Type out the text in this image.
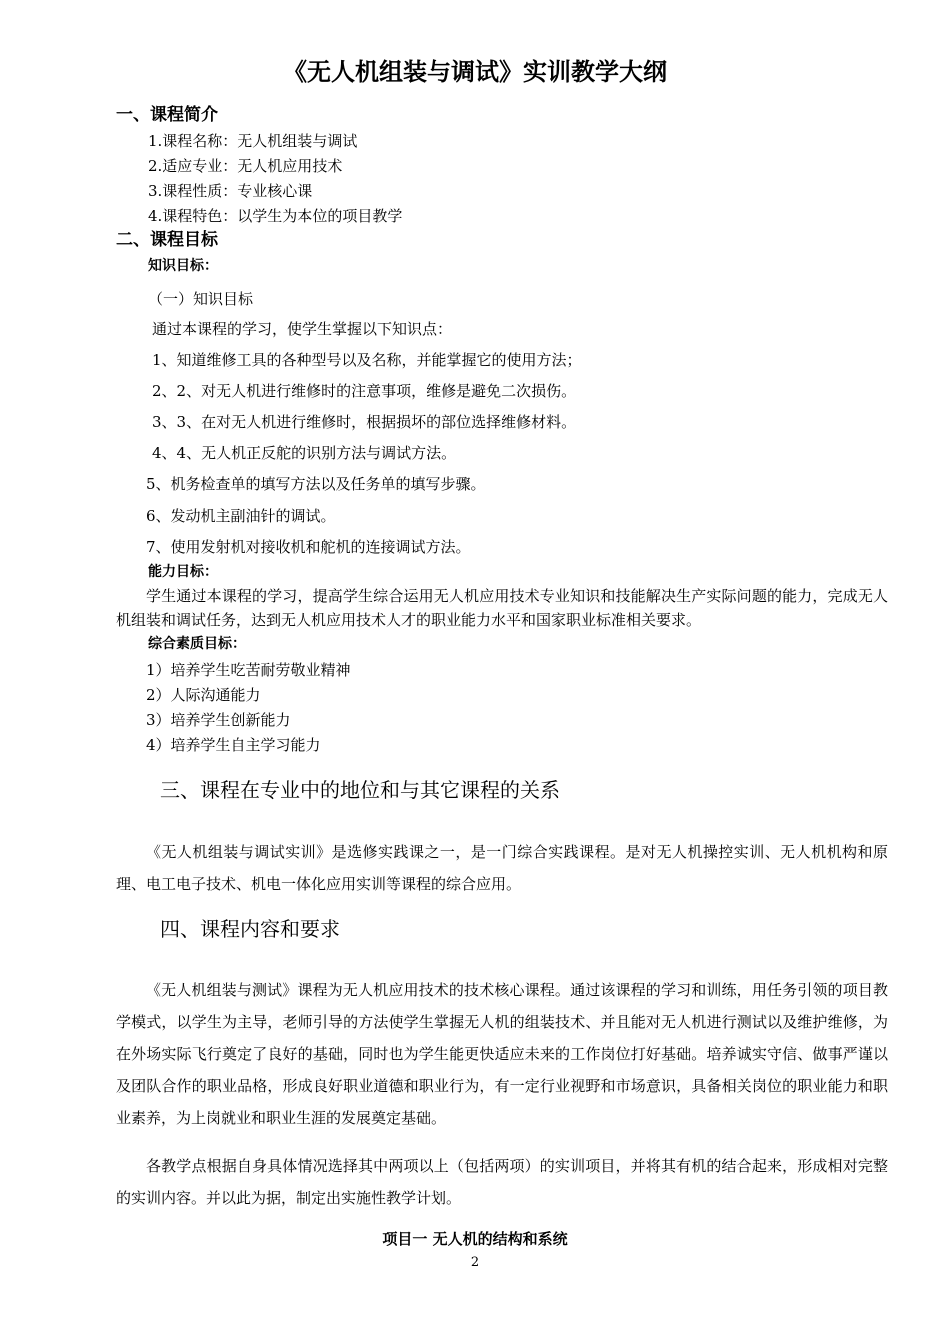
《无人机组装与调试》实训教学大纲
一、课程简介
1.课程名称：无人机组装与调试
2.适应专业：无人机应用技术
3.课程性质：专业核心课
4.课程特色：以学生为本位的项目教学
二、课程目标
知识目标：
（一）知识目标
通过本课程的学习，使学生掌握以下知识点：
1、知道维修工具的各种型号以及名称，并能掌握它的使用方法；
2、2、对无人机进行维修时的注意事项，维修是避免二次损伤。
3、3、在对无人机进行维修时，根据损坏的部位选择维修材料。
4、4、无人机正反舵的识别方法与调试方法。
5、机务检查单的填写方法以及任务单的填写步骤。
6、发动机主副油针的调试。
7、使用发射机对接收机和舵机的连接调试方法。
能力目标：
学生通过本课程的学习，提高学生综合运用无人机应用技术专业知识和技能解决生产实际问题的能力，完成无人机组装和调试任务，达到无人机应用技术人才的职业能力水平和国家职业标准相关要求。
综合素质目标：
1）培养学生吃苦耐劳敬业精神
2）人际沟通能力
3）培养学生创新能力
4）培养学生自主学习能力
三、课程在专业中的地位和与其它课程的关系
《无人机组装与调试实训》是选修实践课之一，是一门综合实践课程。是对无人机操控实训、无人机机构和原理、电工电子技术、机电一体化应用实训等课程的综合应用。
四、课程内容和要求
《无人机组装与测试》课程为无人机应用技术的技术核心课程。通过该课程的学习和训练，用任务引领的项目教学模式，以学生为主导，老师引导的方法使学生掌握无人机的组装技术、并且能对无人机进行测试以及维护维修，为在外场实际飞行奠定了良好的基础，同时也为学生能更快适应未来的工作岗位打好基础。培养诚实守信、做事严谨以及团队合作的职业品格，形成良好职业道德和职业行为，有一定行业视野和市场意识，具备相关岗位的职业能力和职业素养，为上岗就业和职业生涯的发展奠定基础。
各教学点根据自身具体情况选择其中两项以上（包括两项）的实训项目，并将其有机的结合起来，形成相对完整的实训内容。并以此为据，制定出实施性教学计划。
项目一 无人机的结构和系统
2
